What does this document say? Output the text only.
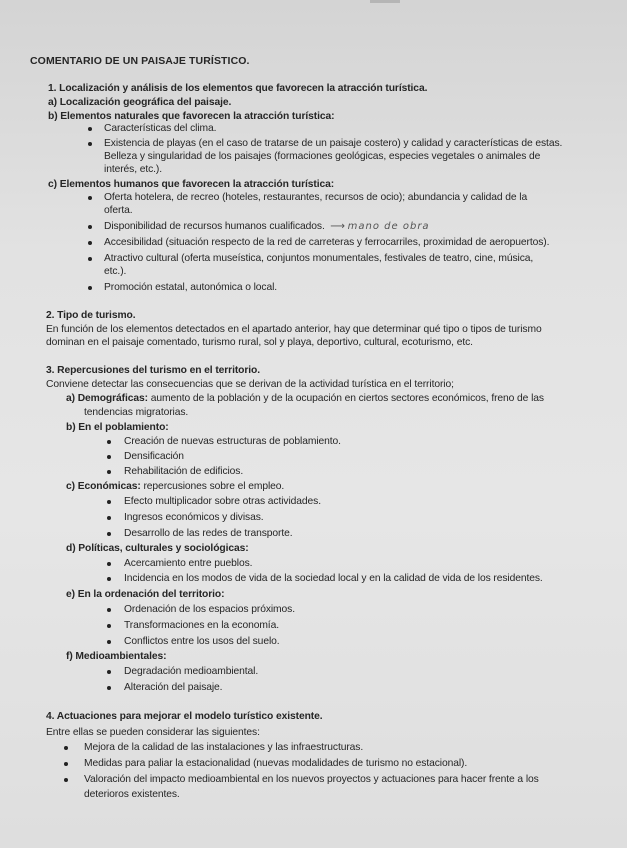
COMENTARIO DE UN PAISAJE TURÍSTICO.
1. Localización y análisis de los elementos que favorecen la atracción turística.
a) Localización geográfica del paisaje.
b) Elementos naturales que favorecen la atracción turística:
Características del clima.
Existencia de playas (en el caso de tratarse de un paisaje costero) y calidad y características de estas.
Belleza y singularidad de los paisajes (formaciones geológicas, especies vegetales o animales de
interés, etc.).
c) Elementos humanos que favorecen la atracción turística:
Oferta hotelera, de recreo (hoteles, restaurantes, recursos de ocio); abundancia y calidad de la
oferta.
Disponibilidad de recursos humanos cualificados.  ⟶ mano de obra
Accesibilidad (situación respecto de la red de carreteras y ferrocarriles, proximidad de aeropuertos).
Atractivo cultural (oferta museística, conjuntos monumentales, festivales de teatro, cine, música,
etc.).
Promoción estatal, autonómica o local.
2. Tipo de turismo.
En función de los elementos detectados en el apartado anterior, hay que determinar qué tipo o tipos de turismo
dominan en el paisaje comentado, turismo rural, sol y playa, deportivo, cultural, ecoturismo, etc.
3. Repercusiones del turismo en el territorio.
Conviene detectar las consecuencias que se derivan de la actividad turística en el territorio;
a) Demográficas: aumento de la población y de la ocupación en ciertos sectores económicos, freno de las
tendencias migratorias.
b) En el poblamiento:
Creación de nuevas estructuras de poblamiento.
Densificación
Rehabilitación de edificios.
c) Económicas: repercusiones sobre el empleo.
Efecto multiplicador sobre otras actividades.
Ingresos económicos y divisas.
Desarrollo de las redes de transporte.
d) Políticas, culturales y sociológicas:
Acercamiento entre pueblos.
Incidencia en los modos de vida de la sociedad local y en la calidad de vida de los residentes.
e) En la ordenación del territorio:
Ordenación de los espacios próximos.
Transformaciones en la economía.
Conflictos entre los usos del suelo.
f) Medioambientales:
Degradación medioambiental.
Alteración del paisaje.
4. Actuaciones para mejorar el modelo turístico existente.
Entre ellas se pueden considerar las siguientes:
Mejora de la calidad de las instalaciones y las infraestructuras.
Medidas para paliar la estacionalidad (nuevas modalidades de turismo no estacional).
Valoración del impacto medioambiental en los nuevos proyectos y actuaciones para hacer frente a los
deterioros existentes.
